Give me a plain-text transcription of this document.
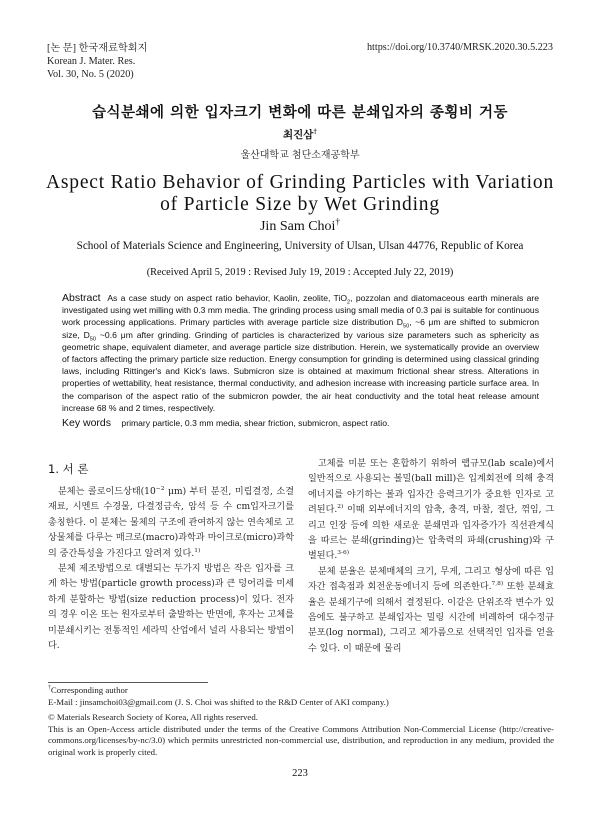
[논 문] 한국재료학회지
Korean J. Mater. Res.
Vol. 30, No. 5 (2020)
https://doi.org/10.3740/MRSK.2020.30.5.223
습식분쇄에 의한 입자크기 변화에 따른 분쇄입자의 종횡비 거동
최진삼†
울산대학교 첨단소재공학부
Aspect Ratio Behavior of Grinding Particles with Variation of Particle Size by Wet Grinding
Jin Sam Choi†
School of Materials Science and Engineering, University of Ulsan, Ulsan 44776, Republic of Korea
(Received April 5, 2019 : Revised July 19, 2019 : Accepted July 22, 2019)
Abstract As a case study on aspect ratio behavior, Kaolin, zeolite, TiO$_2$, pozzolan and diatomaceous earth minerals are investigated using wet milling with 0.3 mm media. The grinding process using small media of 0.3 pai is suitable for continuous work processing applications. Primary particles with average particle size distribution $D_{50}$, ~6 μm are shifted to submicron size, $D_{50}$ ~0.6 μm after grinding. Grinding of particles is characterized by various size parameters such as sphericity as geometric shape, equivalent diameter, and average particle size distribution. Herein, we systematically provide an overview of factors affecting the primary particle size reduction. Energy consumption for grinding is determined using classical grinding laws, including Rittinger's and Kick's laws. Submicron size is obtained at maximum frictional shear stress. Alterations in properties of wettability, heat resistance, thermal conductivity, and adhesion increase with increasing particle surface area. In the comparison of the aspect ratio of the submicron powder, the air heat conductivity and the total heat release amount increase 68 % and 2 times, respectively.
Key words primary particle, 0.3 mm media, shear friction, submicron, aspect ratio.
1. 서 론

분체는 콜로이드상태($10^{-2}$ μm) 부터 분진, 미립결정, 소결재료, 시멘트 수경물, 다결정금속, 암석 등 수 cm입자크기를 총칭한다. 이 분체는 물체의 구조에 관여하지 않는 연속체로 고상물체를 다루는 매크로(macro)과학과 마이크로(micro)과학의 중간특성을 가진다고 알려져 있다.$^{1)}$

분체 제조방법으로 대별되는 두가지 방법은 작은 입자를 크게 하는 방법(particle growth process)과 큰 덩어리를 미세하게 분할하는 방법(size reduction process)이 있다. 전자의 경우 이온 또는 원자로부터 출발하는 반면에, 후자는 고체를 미분쇄시키는 전통적인 세라믹 산업에서 널리 사용되는 방법이다.

고체를 미분 또는 혼합하기 위하여 랩규모(lab scale)에서 일반적으로 사용되는 볼밀(ball mill)은 입계회전에 의해 충격 에너지를 야기하는 볼과 입자간 응력크기가 중요한 인자로 고려된다.$^{2)}$ 이때 외부에너지의 압축, 충격, 마찰, 절단, 꺾임, 그리고 인장 등에 의한 새로운 분쇄면과 입자증가가 직선관계식을 따르는 분쇄(grinding)는 압축력의 파쇄(crushing)와 구별된다.$^{3-6)}$

분체 분율은 분체매체의 크기, 무게, 그리고 형상에 따른 입자간 접촉점과 회전운동에너지 등에 의존한다.$^{7,8)}$ 또한 분쇄효율은 분쇄기구에 의해서 결정된다. 이같은 단위조작 변수가 있음에도 불구하고 분쇄입자는 밀링 시간에 비례하여 대수정규 분포(log normal), 그리고 체가름으로 선택적인 입자를 얻을 수 있다. 이 때문에 물리

†Corresponding author
E-Mail : jinsamchoi03@gmail.com (J. S. Choi was shifted to the R&D Center of AKI company.)
© Materials Research Society of Korea, All rights reserved.
This is an Open-Access article distributed under the terms of the Creative Commons Attribution Non-Commercial License (http://creative-commons.org/licenses/by-nc/3.0) which permits unrestricted non-commercial use, distribution, and reproduction in any medium, provided the original work is properly cited.
223
